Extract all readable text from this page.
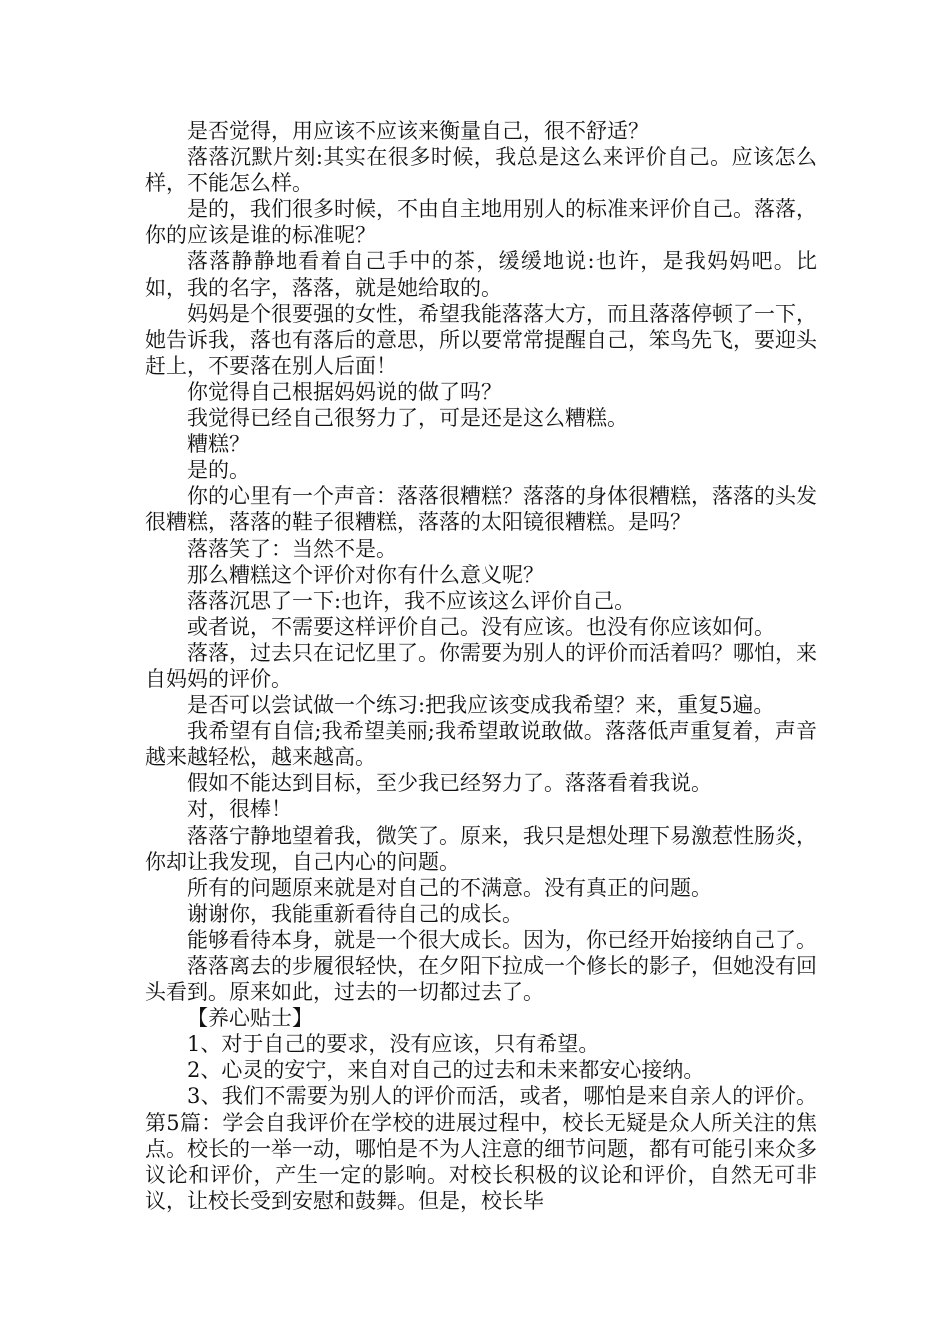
是否觉得，用应该不应该来衡量自己，很不舒适？

落落沉默片刻:其实在很多时候，我总是这么来评价自己。应该怎么样，不能怎么样。

是的，我们很多时候，不由自主地用别人的标准来评价自己。落落，你的应该是谁的标准呢？

落落静静地看着自己手中的茶，缓缓地说:也许，是我妈妈吧。比如，我的名字，落落，就是她给取的。

妈妈是个很要强的女性，希望我能落落大方，而且落落停顿了一下，她告诉我，落也有落后的意思，所以要常常提醒自己，笨鸟先飞，要迎头赶上，不要落在别人后面！

你觉得自己根据妈妈说的做了吗？

我觉得已经自己很努力了，可是还是这么糟糕。

糟糕？

是的。

你的心里有一个声音：落落很糟糕？落落的身体很糟糕，落落的头发很糟糕，落落的鞋子很糟糕，落落的太阳镜很糟糕。是吗？

落落笑了：当然不是。

那么糟糕这个评价对你有什么意义呢？

落落沉思了一下:也许，我不应该这么评价自己。

或者说，不需要这样评价自己。没有应该。也没有你应该如何。

落落，过去只在记忆里了。你需要为别人的评价而活着吗？哪怕，来自妈妈的评价。

是否可以尝试做一个练习:把我应该变成我希望？来，重复5遍。

我希望有自信;我希望美丽;我希望敢说敢做。落落低声重复着，声音越来越轻松，越来越高。

假如不能达到目标，至少我已经努力了。落落看着我说。

对，很棒！

落落宁静地望着我，微笑了。原来，我只是想处理下易激惹性肠炎，你却让我发现，自己内心的问题。

所有的问题原来就是对自己的不满意。没有真正的问题。

谢谢你，我能重新看待自己的成长。

能够看待本身，就是一个很大成长。因为，你已经开始接纳自己了。

落落离去的步履很轻快，在夕阳下拉成一个修长的影子，但她没有回头看到。原来如此，过去的一切都过去了。

【养心贴士】

1、对于自己的要求，没有应该，只有希望。

2、心灵的安宁，来自对自己的过去和未来都安心接纳。

3、我们不需要为别人的评价而活，或者，哪怕是来自亲人的评价。第5篇：学会自我评价在学校的进展过程中，校长无疑是众人所关注的焦点。校长的一举一动，哪怕是不为人注意的细节问题，都有可能引来众多议论和评价，产生一定的影响。对校长积极的议论和评价，自然无可非议，让校长受到安慰和鼓舞。但是，校长毕
